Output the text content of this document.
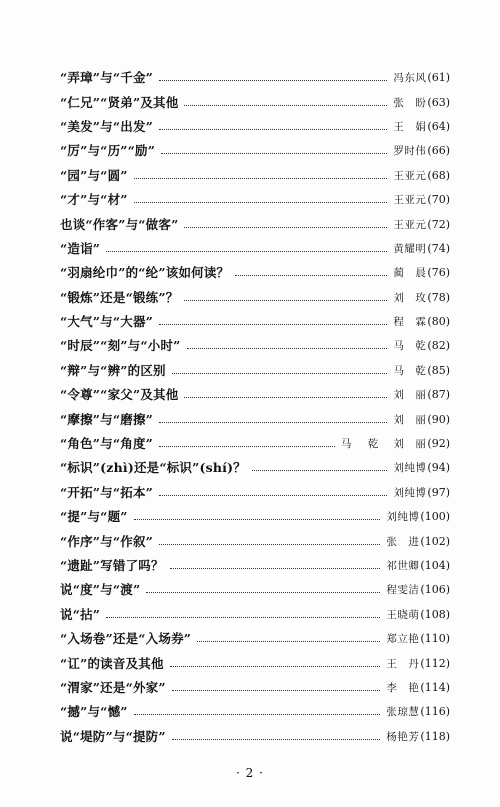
“弄璋”与“千金”	冯东风 (61)
“仁兄”“贤弟”及其他	张　盼 (63)
“美发”与“出发”	王　娟 (64)
“厉”与“历”“励”	罗时伟 (66)
“园”与“圆”	王亚元 (68)
“才”与“材”	王亚元 (70)
也谈“作客”与“做客”	王亚元 (72)
“造诣”	黄耀明 (74)
“羽扇纶巾”的“纶”该如何读？	蔺　晨 (76)
“锻炼”还是“锻练”？	刘　玫 (78)
“大气”与“大器”	程　霖 (80)
“时辰”“刻”与“小时”	马　乾 (82)
“辩”与“辨”的区别	马　乾 (85)
“令尊”“家父”及其他	刘　丽 (87)
“摩擦”与“磨擦”	刘　丽 (90)
“角色”与“角度”	马　乾 刘　丽 (92)
“标识”(zhì)还是“标识”(shí)？	刘纯博 (94)
“开拓”与“拓本”	刘纯博 (97)
“提”与“题”	刘纯博 (100)
“作序”与“作叙”	张　进 (102)
“遗趾”写错了吗？	祁世卿 (104)
说“度”与“渡”	程雯洁 (106)
说“拈”	王晓萌 (108)
“入场卷”还是“入场券”	郑立艳 (110)
“讧”的读音及其他	王　丹 (112)
“渭家”还是“外家”	李　艳 (114)
“撼”与“憾”	张琼慧 (116)
说“堤防”与“提防”	杨艳芳 (118)
· 2 ·
